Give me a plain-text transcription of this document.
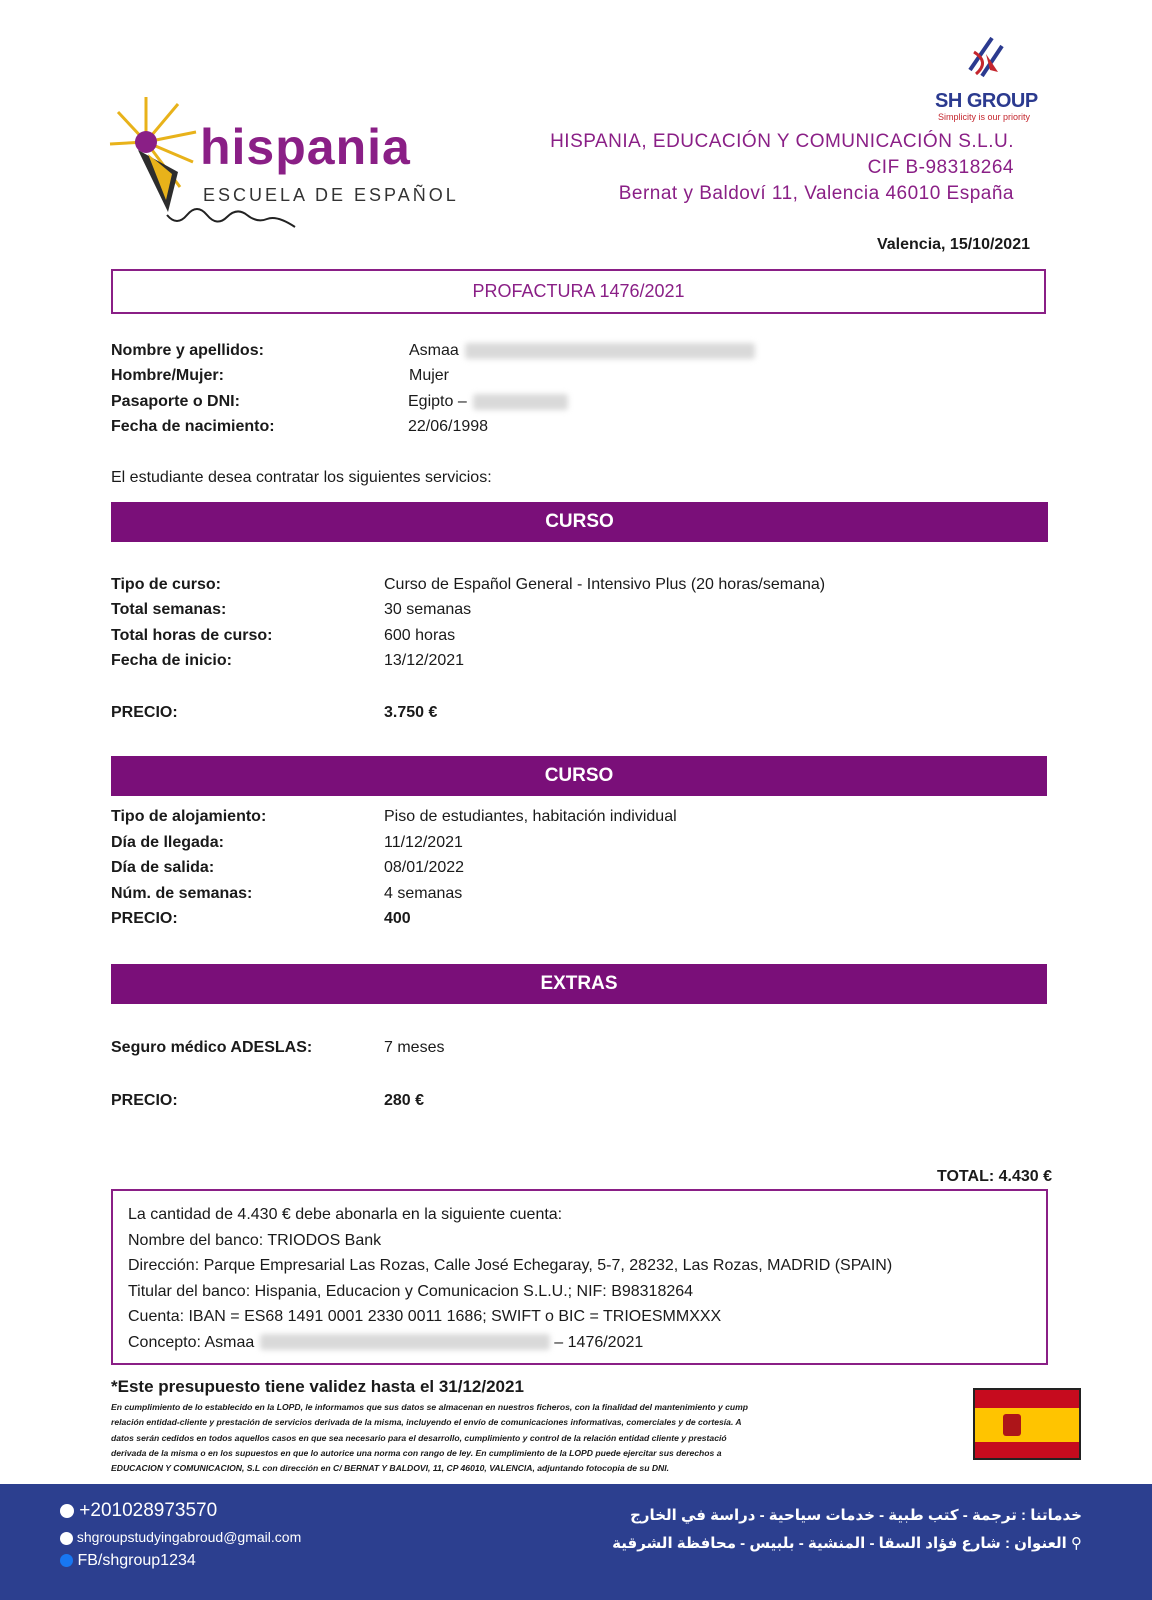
hispania
ESCUELA DE ESPAÑOL
SH GROUP
Simplicity is our priority
HISPANIA, EDUCACIÓN Y COMUNICACIÓN S.L.U.
CIF B-98318264
Bernat y Baldoví 11, Valencia 46010 España
Valencia, 15/10/2021
PROFACTURA 1476/2021
Nombre y apellidos:	Asmaa
Hombre/Mujer:	Mujer
Pasaporte o DNI:	Egipto –
Fecha de nacimiento:	22/06/1998
El estudiante desea contratar los siguientes servicios:
CURSO
Tipo de curso:	Curso de Español General - Intensivo Plus (20 horas/semana)
Total semanas:	30 semanas
Total horas de curso:	600 horas
Fecha de inicio:	13/12/2021
PRECIO:	3.750 €
CURSO
Tipo de alojamiento:	Piso de estudiantes, habitación individual
Día de llegada:	11/12/2021
Día de salida:	08/01/2022
Núm. de semanas:	4 semanas
PRECIO:	400
EXTRAS
Seguro médico ADESLAS:	7 meses
PRECIO:	280 €
TOTAL: 4.430 €
La cantidad de 4.430 € debe abonarla en la siguiente cuenta:
Nombre del banco: TRIODOS Bank
Dirección: Parque Empresarial Las Rozas, Calle José Echegaray, 5-7, 28232, Las Rozas, MADRID (SPAIN)
Titular del banco: Hispania, Educacion y Comunicacion S.L.U.; NIF: B98318264
Cuenta: IBAN = ES68 1491 0001 2330 0011 1686; SWIFT o BIC = TRIOESMMXXX
Concepto: Asmaa	– 1476/2021
*Este presupuesto tiene validez hasta el 31/12/2021
En cumplimiento de lo establecido en la LOPD, le informamos que sus datos se almacenan en nuestros ficheros, con la finalidad del mantenimiento y cump
relación entidad-cliente y prestación de servicios derivada de la misma, incluyendo el envío de comunicaciones informativas, comerciales y de cortesía. A
datos serán cedidos en todos aquellos casos en que sea necesario para el desarrollo, cumplimiento y control de la relación entidad cliente y prestació
derivada de la misma o en los supuestos en que lo autorice una norma con rango de ley. En cumplimiento de la LOPD puede ejercitar sus derechos a
EDUCACION Y COMUNICACION, S.L con dirección en C/ BERNAT Y BALDOVI, 11, CP 46010, VALENCIA, adjuntando fotocopia de su DNI.
+201028973570
shgroupstudyingabroud@gmail.com
FB/shgroup1234
خدماتنا : ترجمة - كتب طبية - خدمات سياحية - دراسة في الخارج
⚲ العنوان : شارع فؤاد السقا - المنشية - بلبيس - محافظة الشرقية
